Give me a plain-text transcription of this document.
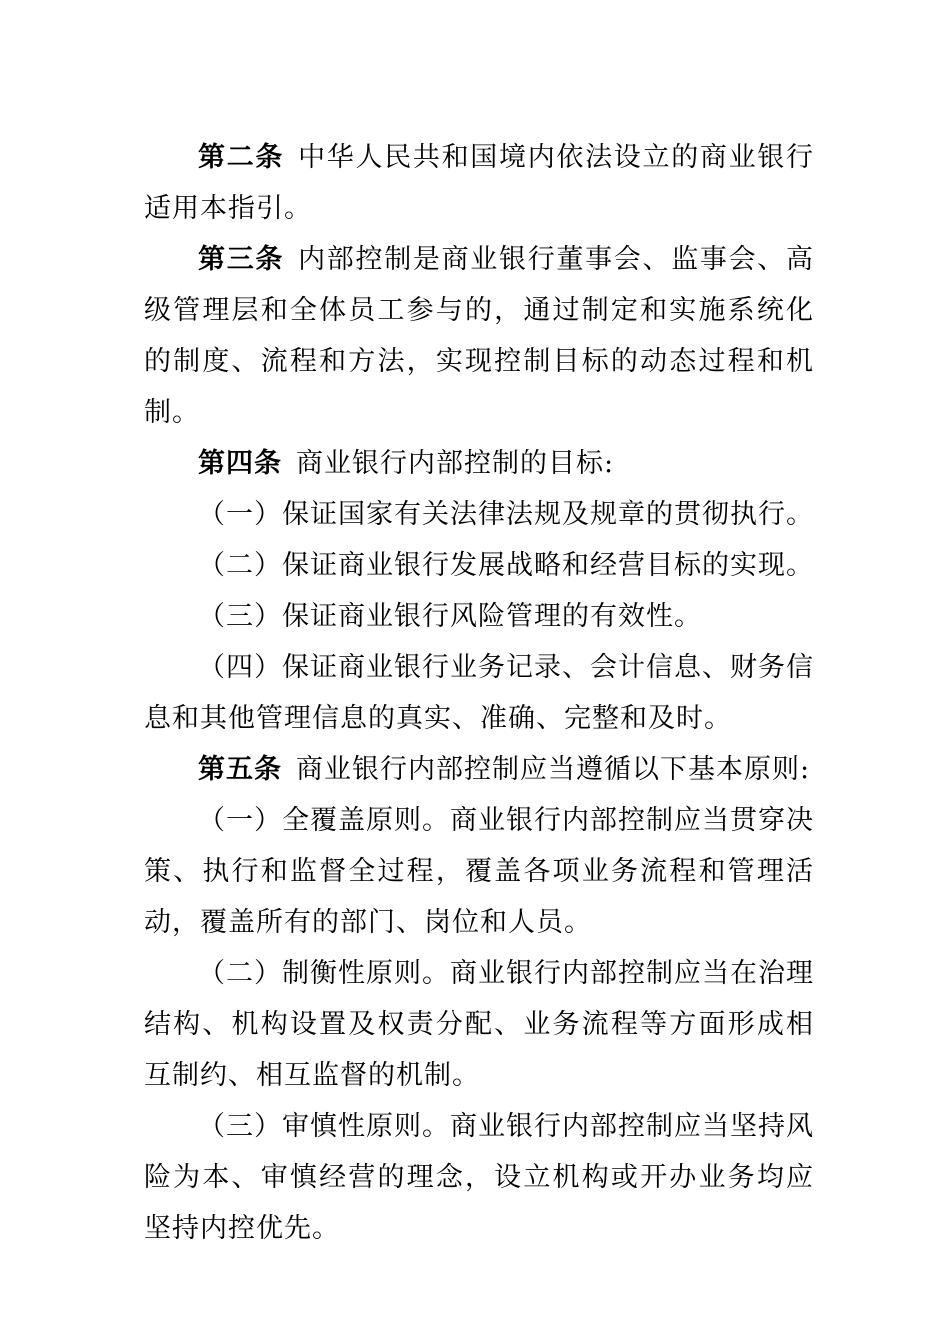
第二条 中华人民共和国境内依法设立的商业银行适用本指引。

第三条 内部控制是商业银行董事会、监事会、高级管理层和全体员工参与的，通过制定和实施系统化的制度、流程和方法，实现控制目标的动态过程和机制。

第四条 商业银行内部控制的目标:

（一）保证国家有关法律法规及规章的贯彻执行。

（二）保证商业银行发展战略和经营目标的实现。

（三）保证商业银行风险管理的有效性。

（四）保证商业银行业务记录、会计信息、财务信息和其他管理信息的真实、准确、完整和及时。

第五条 商业银行内部控制应当遵循以下基本原则:

（一）全覆盖原则。商业银行内部控制应当贯穿决策、执行和监督全过程，覆盖各项业务流程和管理活动，覆盖所有的部门、岗位和人员。

（二）制衡性原则。商业银行内部控制应当在治理结构、机构设置及权责分配、业务流程等方面形成相互制约、相互监督的机制。

（三）审慎性原则。商业银行内部控制应当坚持风险为本、审慎经营的理念，设立机构或开办业务均应坚持内控优先。
